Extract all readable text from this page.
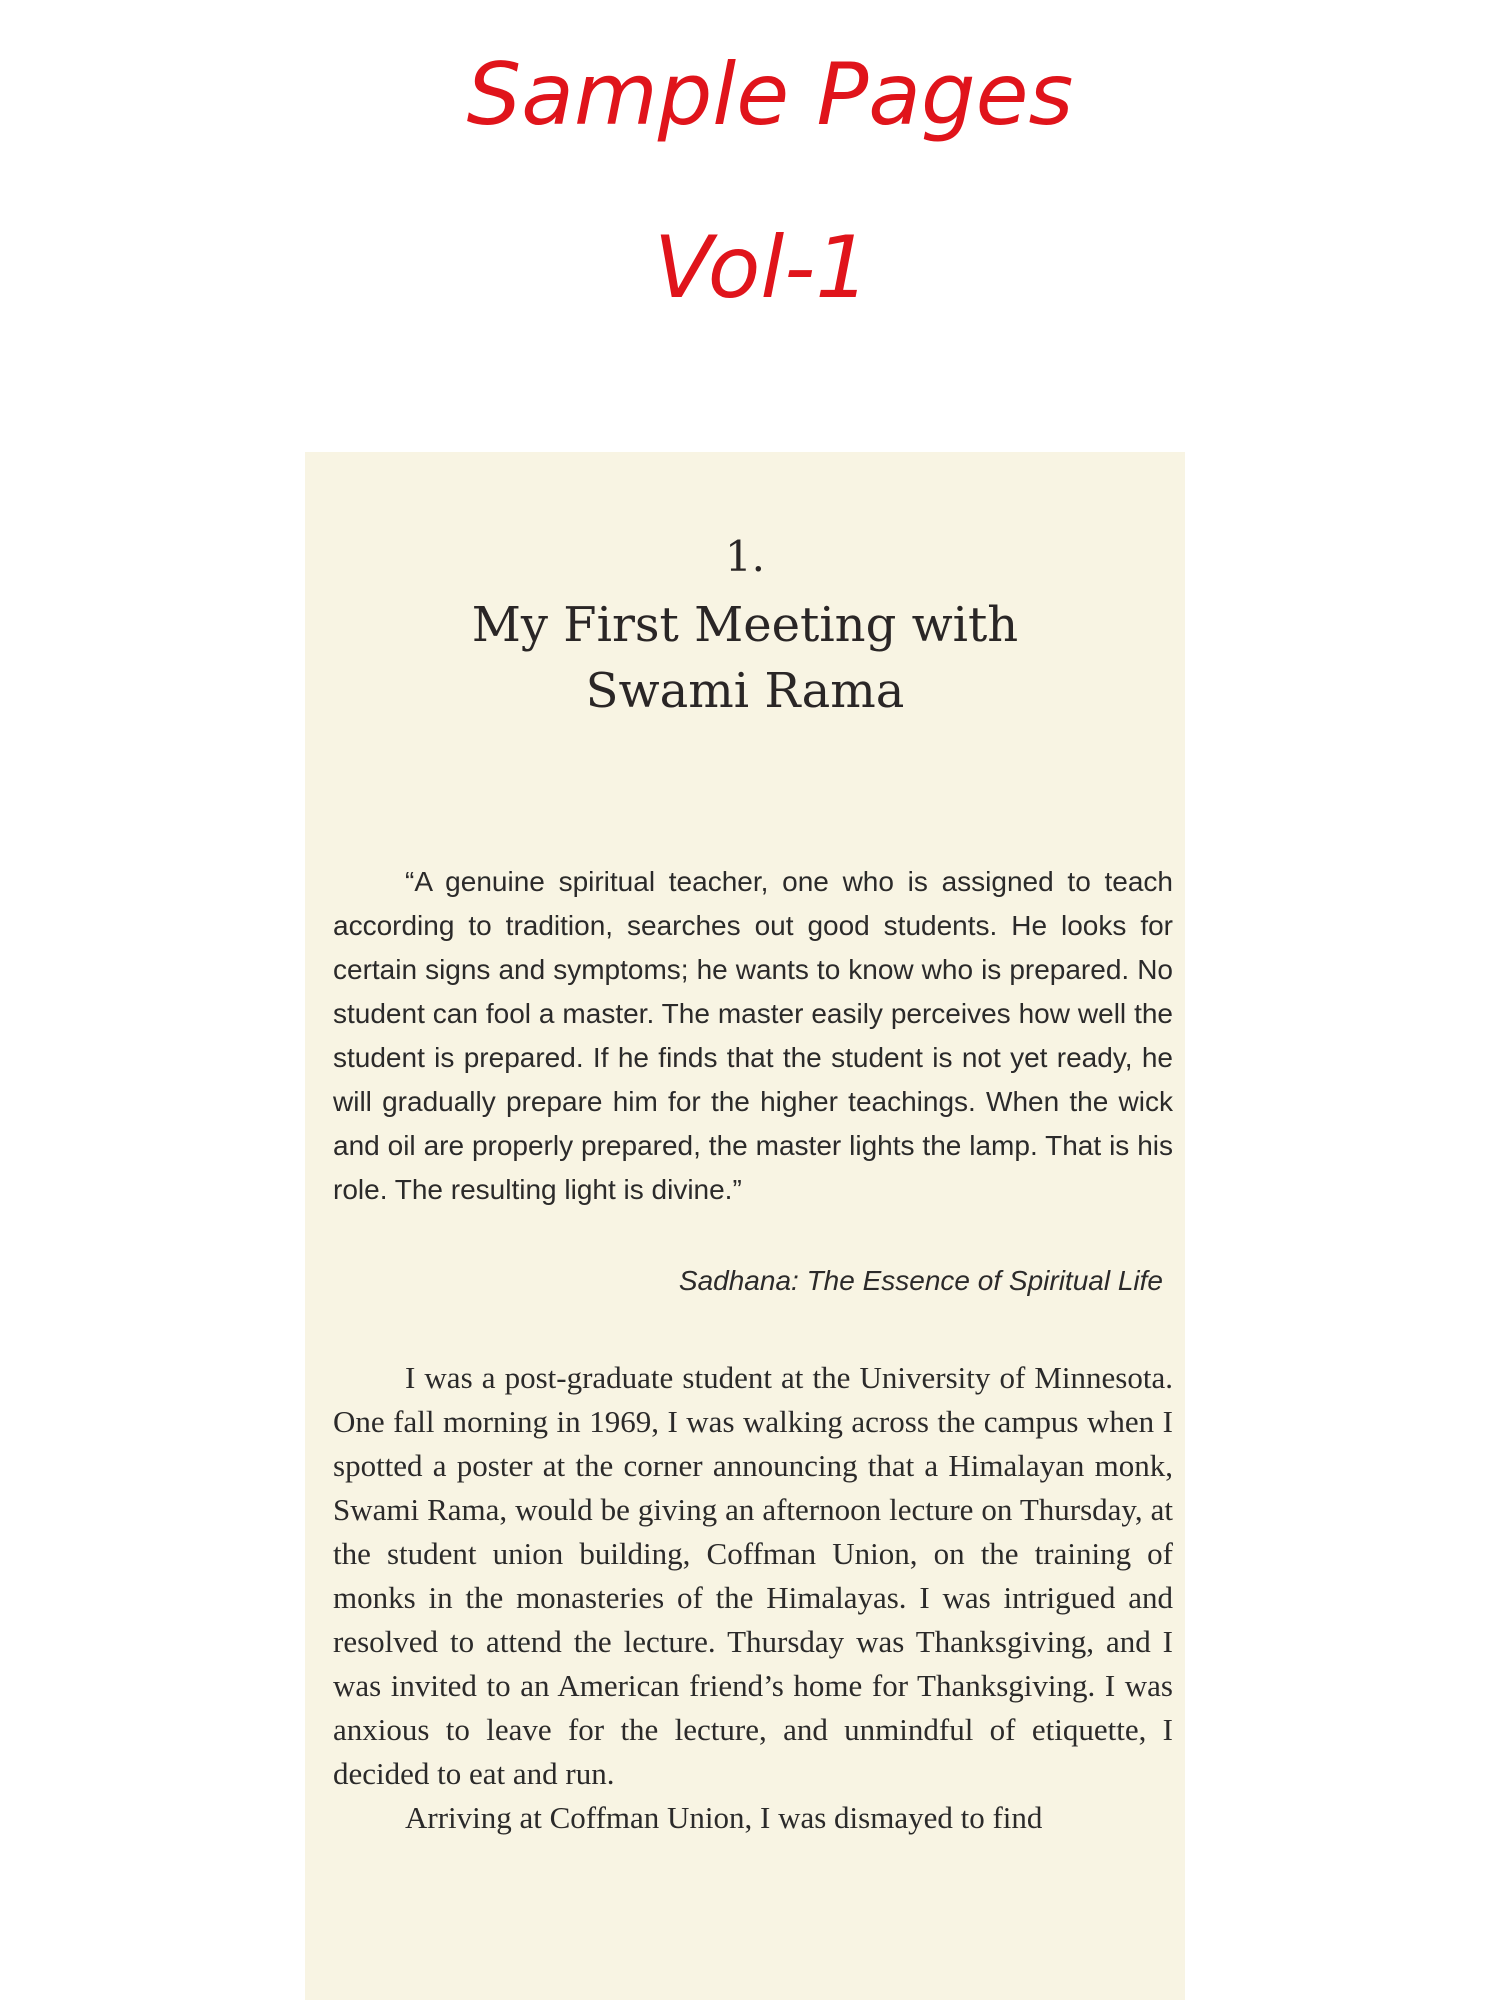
Sample Pages
Vol-1
1.
My First Meeting with
Swami Rama

“A genuine spiritual teacher, one who is assigned to teach according to tradition, searches out good students. He looks for certain signs and symptoms; he wants to know who is prepared. No student can fool a master. The master easily perceives how well the student is prepared. If he finds that the student is not yet ready, he will gradually prepare him for the higher teachings. When the wick and oil are properly prepared, the master lights the lamp. That is his role. The resulting light is divine.”

Sadhana: The Essence of Spiritual Life

I was a post-graduate student at the University of Minnesota. One fall morning in 1969, I was walking across the campus when I spotted a poster at the corner announcing that a Himalayan monk, Swami Rama, would be giving an afternoon lecture on Thursday, at the student union building, Coffman Union, on the training of monks in the monasteries of the Himalayas. I was intrigued and resolved to attend the lecture. Thursday was Thanksgiving, and I was invited to an American friend’s home for Thanksgiving. I was anxious to leave for the lecture, and unmindful of etiquette, I decided to eat and run.

Arriving at Coffman Union, I was dismayed to find
